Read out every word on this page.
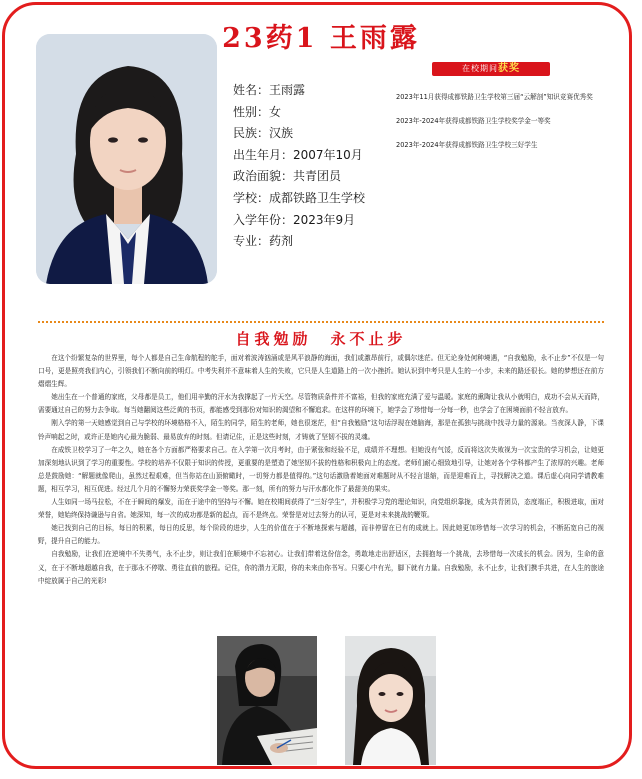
23药1 王雨露
姓名：王雨露
性别：女
民族：汉族
出生年月：2007年10月
政治面貌：共青团员
学校：成都铁路卫生学校
入学年份：2023年9月
专业：药剂
在校期间获奖
2023年11月获得成都铁路卫生学校第三届“云解剖”知识竞赛优秀奖
2023年-2024年获得成都铁路卫生学校奖学金一等奖
2023年-2024年获得成都铁路卫生学校三好学生
自我勉励　永不止步

在这个纷繁复杂的世界里，每个人都是自己生命航程的舵手，面对着波涛汹涌或是风平浪静的海面，我们或激昂前行，或偶尔迷茫。但无论身处何种境遇，“自我勉励，永不止步”不仅是一句口号，更是照亮我们内心，引领我们不断向前的明灯。中考失利并不意味着人生的失败，它只是人生道路上的一次小挫折。她认识到中考只是人生的一小步，未来的路还很长。她的梦想还在前方熠熠生辉。

她出生在一个普通的家庭，父母都是员工，他们用辛勤的汗水为我撑起了一片天空。尽管物质条件并不富裕，但我的家庭充满了爱与温暖。家庭的熏陶让我从小就明白，成功不会从天而降，需要通过自己的努力去争取。每当她翻阅这些泛黄的书页，都能感受到那份对知识的渴望和不懈追求。在这样的环境下，她学会了珍惜每一分每一秒，也学会了在困境面前不轻言放弃。

刚入学的第一天她感觉到自己与学校的环境格格不入，陌生的同学，陌生的老师，她也很迷茫，但“自我勉励”这句话浮现在她脑海，那是在孤独与挑战中找寻力量的源泉。当夜深人静，下课铃声响起之时，或许正是她内心最为脆弱、最易放弃的时刻。但请记住，正是这些时刻，才铸就了坚韧不拔的灵魂。

在成铁卫校学习了一年之久，她在各个方面都严格要求自己。在入学第一次月考时，由于紧张和经验不足，成绩并不理想。但她没有气馁，反而将这次失败视为一次宝贵的学习机会，让她更加深刻地认识到了学习的重要性。学校的培养不仅限于知识的传授，更重要的是塑造了她坚韧不拔的性格和积极向上的态度。老师们耐心细致地引导，让她对各个学科都产生了浓厚的兴趣。老师总是鼓励她：“解题就像爬山，虽然过程艰难，但当你站在山顶俯瞰时，一切努力都是值得的。”这句话激励着她面对难题时从不轻言退缩，而是迎难而上，寻找解决之道。课后虚心向同学请教难题，相互学习，相互促进。经过几个月的不懈努力荣获奖学金一等奖。那一刻，所有的努力与汗水都化作了最甜美的果实。

人生如同一场马拉松，不在于瞬间的爆发，而在于途中的坚持与不懈。她在校期间获得了“三好学生”，并积极学习党的理论知识，向党组织靠拢，成为共青团员，态度端正，积极进取，面对荣誉，她始终保持谦逊与自省。她深知，每一次的成功都是新的起点，而不是终点。荣誉是对过去努力的认可，更是对未来挑战的鞭策。

她已找到自己的目标，每日的积累，每日的反思，每个阶段的进步，人生的价值在于不断地探索与超越，而非停留在已有的成就上。因此她更加珍惜每一次学习的机会，不断拓宽自己的视野，提升自己的能力。

自我勉励，让我们在逆境中不失勇气，永不止步，则让我们在顺境中不忘初心。让我们带着这份信念，勇敢地走出舒适区，去拥抱每一个挑战，去珍惜每一次成长的机会。因为，生命的意义，在于不断地超越自我，在于那永不停歇、勇往直前的旅程。记住，你的潜力无限，你的未来由你书写。只要心中有光，脚下就有力量。自我勉励，永不止步，让我们携手共进，在人生的旅途中绽放属于自己的光彩!
